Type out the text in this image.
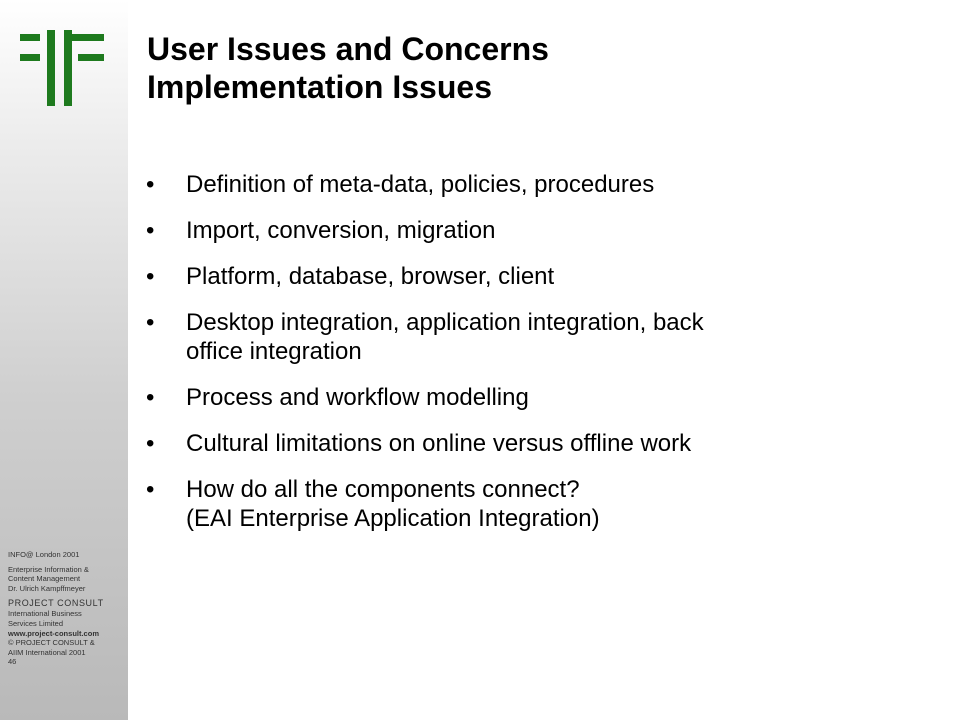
INFO@ London 2001
Enterprise Information &
Content Management
Dr. Ulrich Kampffmeyer
PROJECT CONSULT
International Business
Services Limited
www.project-consult.com
© PROJECT CONSULT &
AIIM International 2001
46
User Issues and Concerns
Implementation Issues
• Definition of meta-data, policies, procedures
• Import, conversion, migration
• Platform, database, browser, client
• Desktop integration, application integration, back
office integration
• Process and workflow modelling
• Cultural limitations on online versus offline work
• How do all the components connect?
(EAI Enterprise Application Integration)
